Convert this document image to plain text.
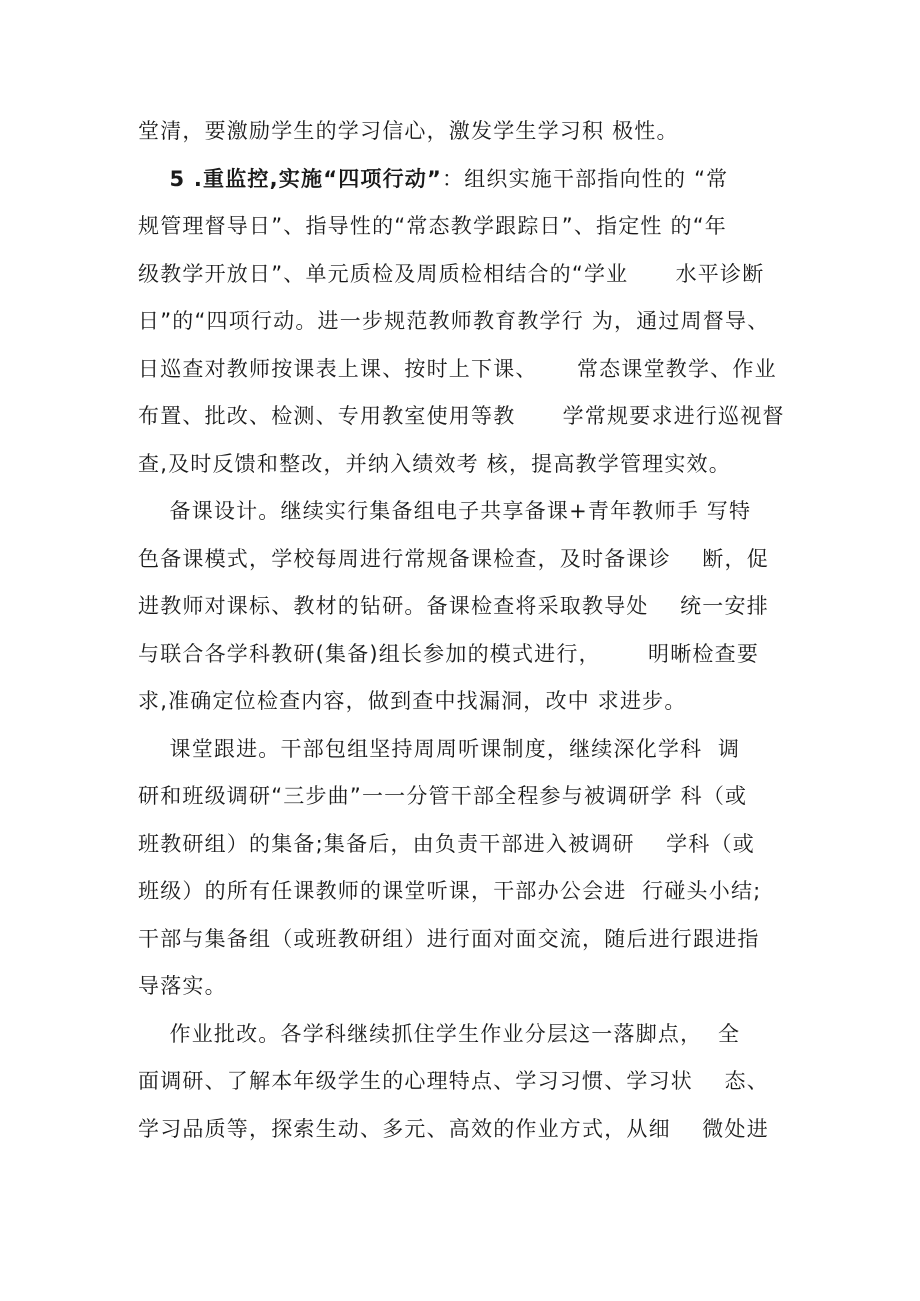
堂清，要激励学生的学习信心，激发学生学习积 极性。
5 .重监控,实施“四项行动”：组织实施干部指向性的 “常
规管理督导日”、指导性的“常态教学跟踪日”、指定性 的“年
级教学开放日”、单元质检及周质检相结合的“学业      水平诊断
日”的“四项行动。进一步规范教师教育教学行 为，通过周督导、
日巡查对教师按课表上课、按时上下课、     常态课堂教学、作业
布置、批改、检测、专用教室使用等教      学常规要求进行巡视督
查,及时反馈和整改，并纳入绩效考 核，提高教学管理实效。
备课设计。继续实行集备组电子共享备课+青年教师手 写特
色备课模式，学校每周进行常规备课检查，及时备课诊    断，促
进教师对课标、教材的钻研。备课检查将采取教导处    统一安排
与联合各学科教研(集备)组长参加的模式进行，      明晰检查要
求,准确定位检查内容，做到查中找漏洞，改中 求进步。
课堂跟进。干部包组坚持周周听课制度，继续深化学科  调
研和班级调研“三步曲”一一分管干部全程参与被调研学 科（或
班教研组）的集备;集备后，由负责干部进入被调研    学科（或
班级）的所有任课教师的课堂听课，干部办公会进  行碰头小结;
干部与集备组（或班教研组）进行面对面交流，随后进行跟进指
导落实。
作业批改。各学科继续抓住学生作业分层这一落脚点，  全
面调研、了解本年级学生的心理特点、学习习惯、学习状    态、
学习品质等，探索生动、多元、高效的作业方式，从细    微处进
